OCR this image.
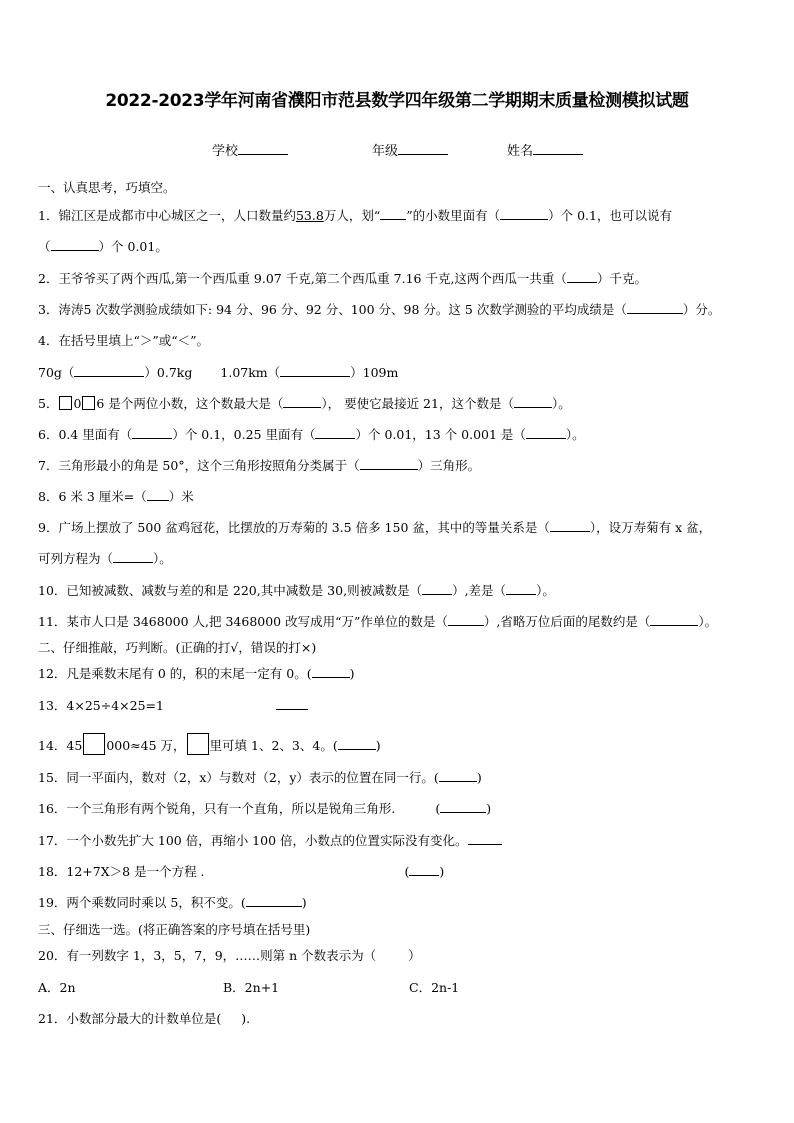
2022-2023学年河南省濮阳市范县数学四年级第二学期期末质量检测模拟试题
学校	年级	姓名
一、认真思考，巧填空。
1．锦江区是成都市中心城区之一，人口数量约53.8万人，划“ ”的小数里面有（	）个 0.1，也可以说有
（	）个 0.01。
2．王爷爷买了两个西瓜,第一个西瓜重 9.07 千克,第二个西瓜重 7.16 千克,这两个西瓜一共重（ ）千克。
3．涛涛5 次数学测验成绩如下: 94 分、96 分、92 分、100 分、98 分。这 5 次数学测验的平均成绩是（	）分。
4．在括号里填上“＞”或“＜”。
70g（	）0.7kg 1.07km（	）109m
5． 0 6 是个两位小数，这个数最大是（	）， 要使它最接近 21，这个数是（	）。
6．0.4 里面有（	）个 0.1，0.25 里面有（	）个 0.01，13 个 0.001 是（	）。
7．三角形最小的角是 50°，这个三角形按照角分类属于（	）三角形。
8．6 米 3 厘米=（ ）米
9．广场上摆放了 500 盆鸡冠花，比摆放的万寿菊的 3.5 倍多 150 盆，其中的等量关系是（	），设万寿菊有 x 盆，
可列方程为（	）。
10．已知被减数、减数与差的和是 220,其中减数是 30,则被减数是（ ）,差是（ ）。
11．某市人口是 3468000 人,把 3468000 改写成用“万”作单位的数是（	）,省略万位后面的尾数约是（	）。
二、仔细推敲，巧判断。(正确的打√，错误的打×)
12．凡是乘数末尾有 0 的，积的末尾一定有 0。(	)
13．4×25÷4×25=1
14．45 000≈45 万， 里可填 1、2、3、4。(	)
15．同一平面内，数对（2，x）与数对（2，y）表示的位置在同一行。(	)
16．一个三角形有两个锐角，只有一个直角，所以是锐角三角形.	(	)
17．一个小数先扩大 100 倍，再缩小 100 倍，小数点的位置实际没有变化。
18．12+7X＞8 是一个方程 .	( )
19．两个乘数同时乘以 5，积不变。(	)
三、仔细选一选。(将正确答案的序号填在括号里)
20．有一列数字 1，3，5，7，9，……则第 n 个数表示为（	）
A．2n	B．2n+1	C．2n-1
21．小数部分最大的计数单位是( ).
